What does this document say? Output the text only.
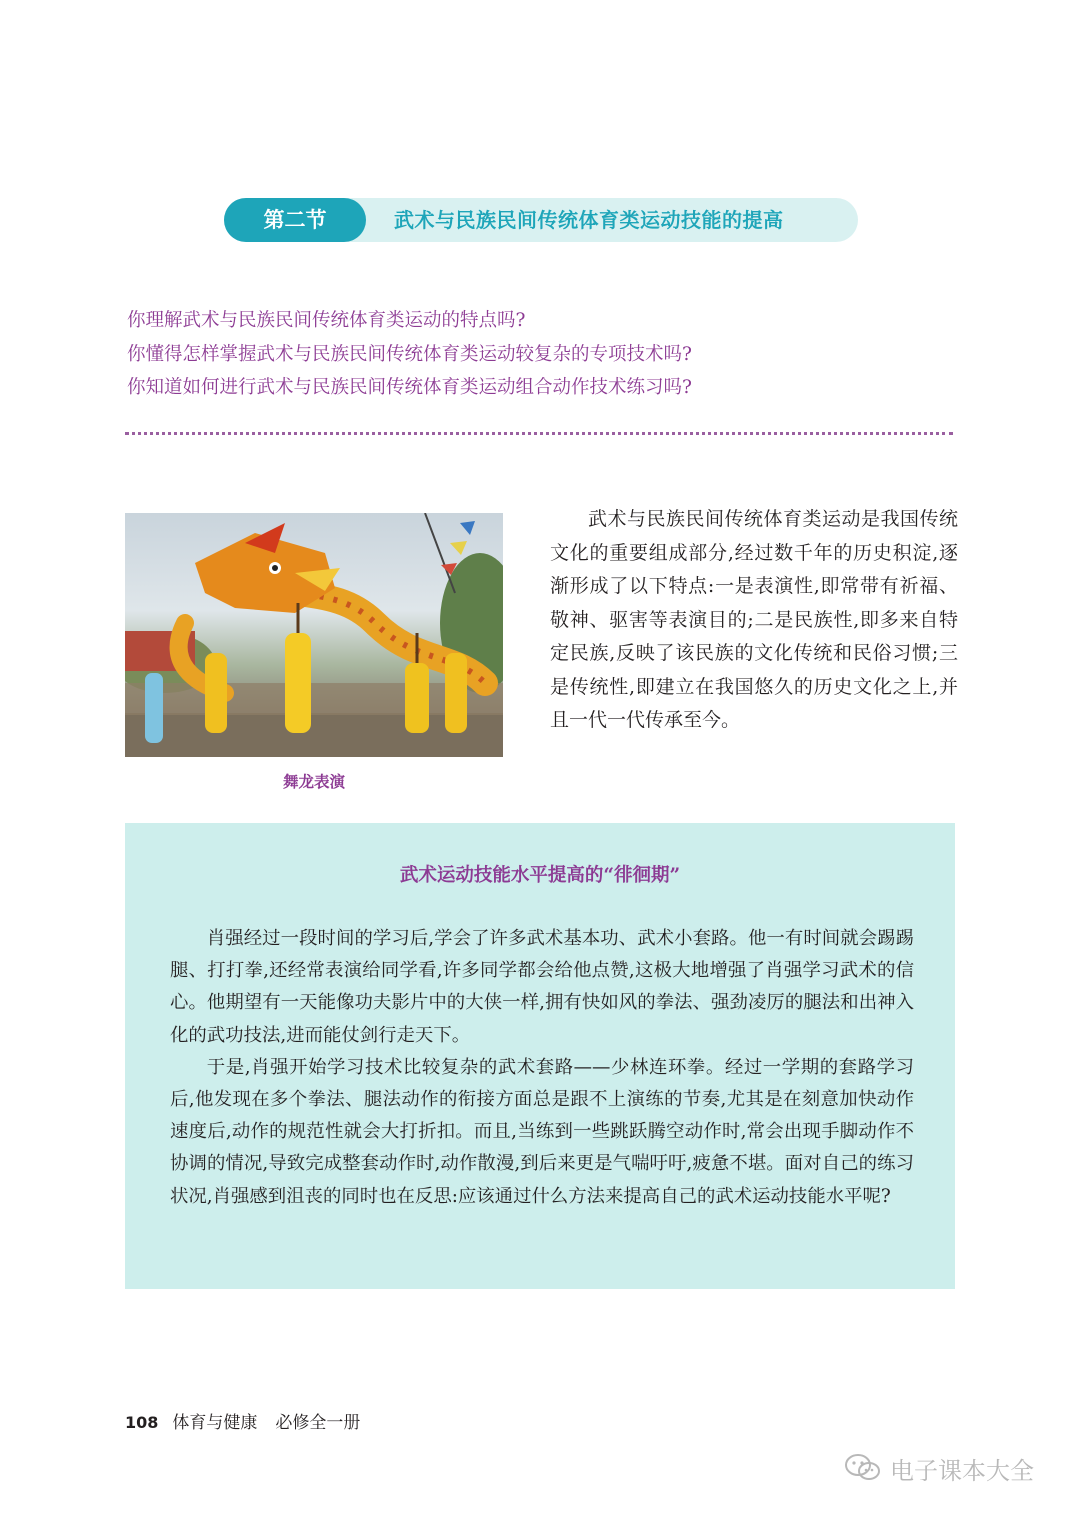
第二节	武术与民族民间传统体育类运动技能的提高
你理解武术与民族民间传统体育类运动的特点吗?
你懂得怎样掌握武术与民族民间传统体育类运动较复杂的专项技术吗?
你知道如何进行武术与民族民间传统体育类运动组合动作技术练习吗?
舞龙表演
武术与民族民间传统体育类运动是我国传统文化的重要组成部分,经过数千年的历史积淀,逐渐形成了以下特点:一是表演性,即常带有祈福、敬神、驱害等表演目的;二是民族性,即多来自特定民族,反映了该民族的文化传统和民俗习惯;三是传统性,即建立在我国悠久的历史文化之上,并且一代一代传承至今。
武术运动技能水平提高的“徘徊期”

肖强经过一段时间的学习后,学会了许多武术基本功、武术小套路。他一有时间就会踢踢腿、打打拳,还经常表演给同学看,许多同学都会给他点赞,这极大地增强了肖强学习武术的信心。他期望有一天能像功夫影片中的大侠一样,拥有快如风的拳法、强劲凌厉的腿法和出神入化的武功技法,进而能仗剑行走天下。

于是,肖强开始学习技术比较复杂的武术套路——少林连环拳。经过一学期的套路学习后,他发现在多个拳法、腿法动作的衔接方面总是跟不上演练的节奏,尤其是在刻意加快动作速度后,动作的规范性就会大打折扣。而且,当练到一些跳跃腾空动作时,常会出现手脚动作不协调的情况,导致完成整套动作时,动作散漫,到后来更是气喘吁吁,疲惫不堪。面对自己的练习状况,肖强感到沮丧的同时也在反思:应该通过什么方法来提高自己的武术运动技能水平呢?

108 体育与健康 必修全一册
电子课本大全
